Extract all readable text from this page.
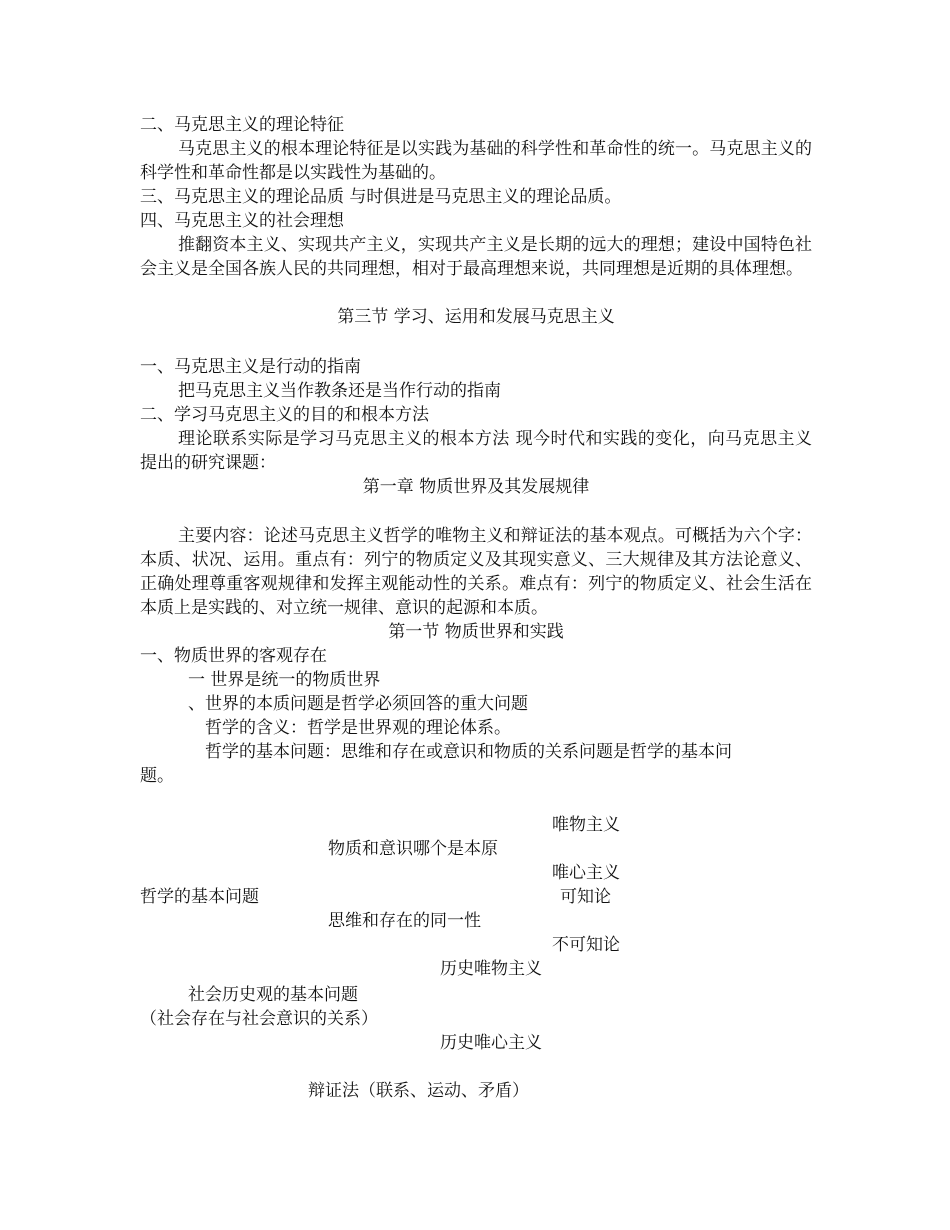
二、马克思主义的理论特征
马克思主义的根本理论特征是以实践为基础的科学性和革命性的统一。马克思主义的科学性和革命性都是以实践性为基础的。
三、马克思主义的理论品质 与时俱进是马克思主义的理论品质。
四、马克思主义的社会理想
推翻资本主义、实现共产主义，实现共产主义是长期的远大的理想；建设中国特色社会主义是全国各族人民的共同理想，相对于最高理想来说，共同理想是近期的具体理想。
第三节 学习、运用和发展马克思主义
一、马克思主义是行动的指南
把马克思主义当作教条还是当作行动的指南
二、学习马克思主义的目的和根本方法
理论联系实际是学习马克思主义的根本方法 现今时代和实践的变化，向马克思主义提出的研究课题：
第一章 物质世界及其发展规律
主要内容：论述马克思主义哲学的唯物主义和辩证法的基本观点。可概括为六个字：本质、状况、运用。重点有：列宁的物质定义及其现实意义、三大规律及其方法论意义、正确处理尊重客观规律和发挥主观能动性的关系。难点有：列宁的物质定义、社会生活在本质上是实践的、对立统一规律、意识的起源和本质。
第一节 物质世界和实践
一、物质世界的客观存在
一 世界是统一的物质世界
、世界的本质问题是哲学必须回答的重大问题
哲学的含义：哲学是世界观的理论体系。
哲学的基本问题：思维和存在或意识和物质的关系问题是哲学的基本问
题。
唯物主义
物质和意识哪个是本原
唯心主义
哲学的基本问题	可知论
思维和存在的同一性
不可知论
历史唯物主义
社会历史观的基本问题
（社会存在与社会意识的关系）
历史唯心主义
辩证法（联系、运动、矛盾）
